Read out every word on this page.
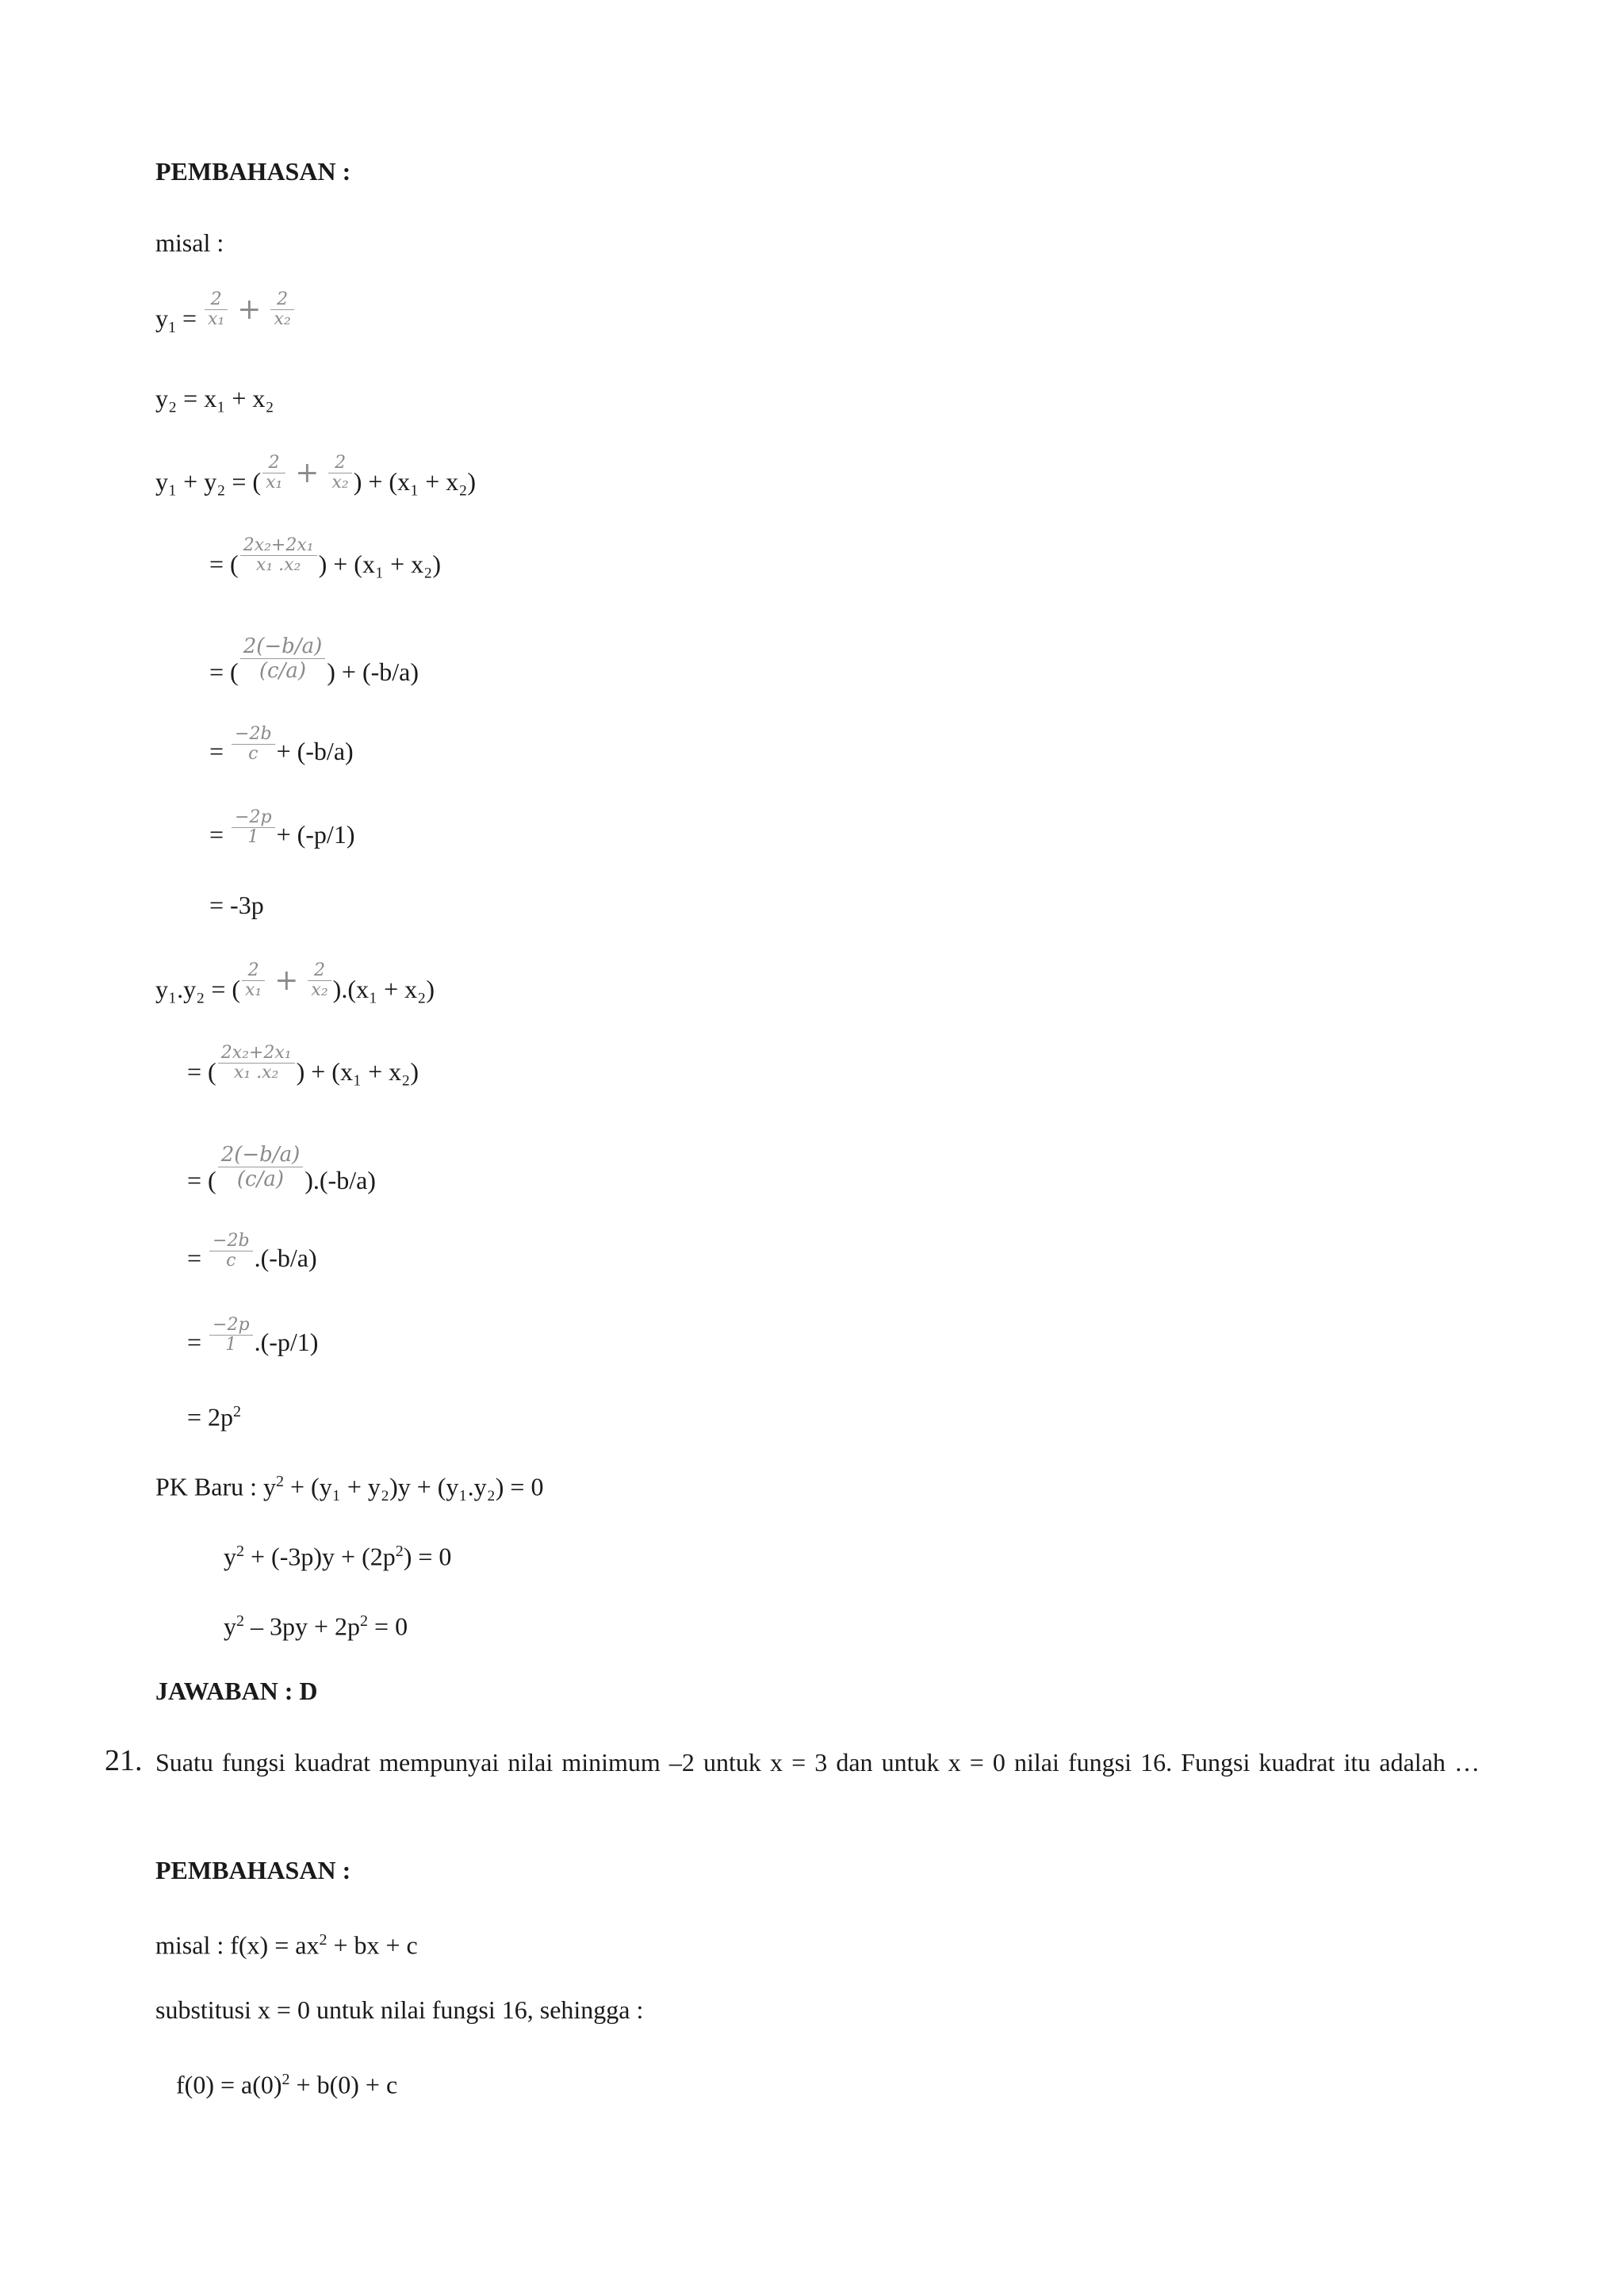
PEMBAHASAN :
misal :
$y_1 = \frac{2}{\text{x₁}} + \frac{2}{\text{x₂}}$
y₂ = x₁ + x₂
y₁ + y₂ = ( $\frac{2}{\text{x₁}} + \frac{2}{\text{x₂}}$ ) + (x₁ + x₂)
= ( $\frac{\text{2x₂+2x₁}}{\text{x₁ .x₂}}$ ) + (x₁ + x₂)
= ( $\frac{2(-b/a)}{(c/a)}$ ) + (-b/a)
= $\frac{-2b}{c} + (-b/a)$
= $\frac{-2p}{1} + (-p/1)$
= -3p
y₁.y₂ = ( $\frac{2}{\text{x₁}} + \frac{2}{\text{x₂}} ).(x_1 + x_2)$
= ( $\frac{\text{2x₂+2x₁}}{\text{x₁ .x₂}}$ ) + (x₁ + x₂)
= ( $\frac{2(-b/a)}{(c/a)} ).(-b/a)$
= $\frac{-2b}{c} .(-b/a)$
= $\frac{-2p}{1} .(-p/1)$
= $2p^2$
PK Baru : $y^2 + (y_1 + y_2)y + (y_1.y_2) = 0$
$y^2 + (-3p)y + (2p^2) = 0$
$y^2 - 3py + 2p^2 = 0$
JAWABAN : D
21. Suatu fungsi kuadrat mempunyai nilai minimum –2 untuk x = 3 dan untuk x = 0 nilai fungsi 16. Fungsi kuadrat itu adalah …
PEMBAHASAN :
misal : $f(x) = ax^2$ + bx + c
substitusi x = 0 untuk nilai fungsi 16, sehingga :
$f(0) = a(0)^2 + b(0) + c$
